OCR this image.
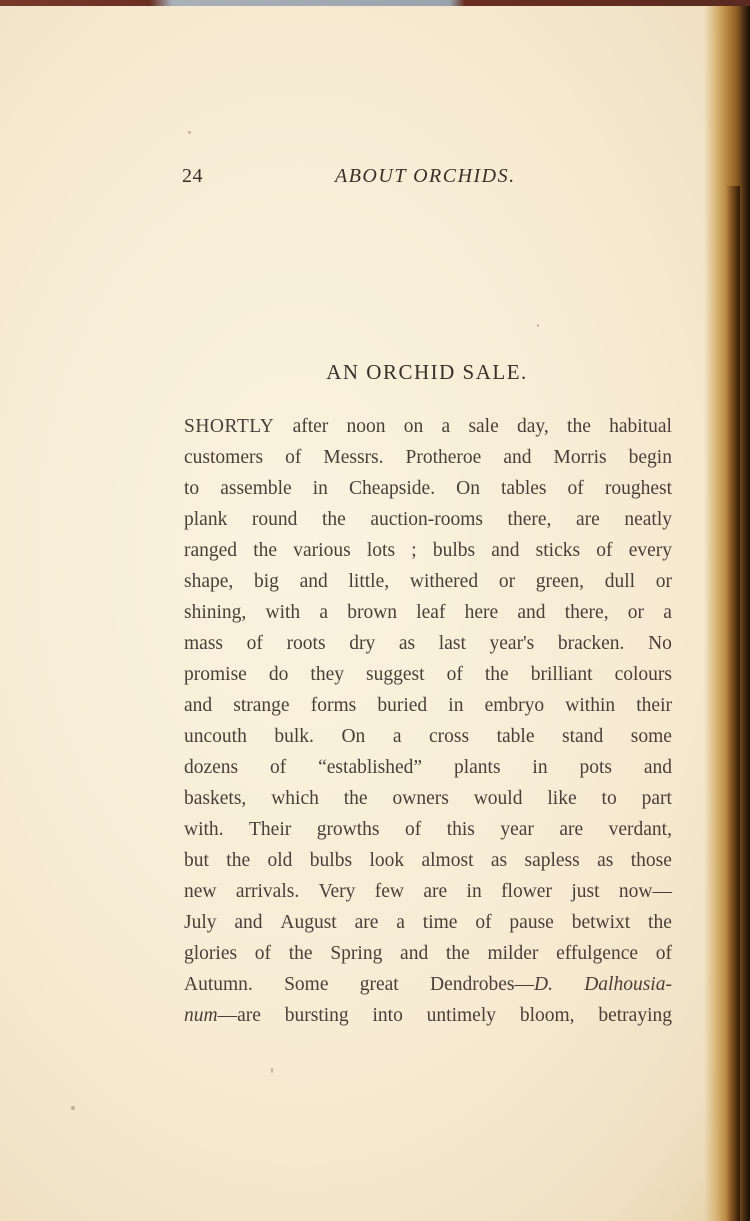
24	ABOUT ORCHIDS.
AN ORCHID SALE.
SHORTLY after noon on a sale day, the habitual
customers of Messrs. Protheroe and Morris begin
to assemble in Cheapside. On tables of roughest
plank round the auction-rooms there, are neatly
ranged the various lots ; bulbs and sticks of every
shape, big and little, withered or green, dull or
shining, with a brown leaf here and there, or a
mass of roots dry as last year's bracken. No
promise do they suggest of the brilliant colours
and strange forms buried in embryo within their
uncouth bulk. On a cross table stand some
dozens of “established” plants in pots and
baskets, which the owners would like to part
with. Their growths of this year are verdant,
but the old bulbs look almost as sapless as those
new arrivals. Very few are in flower just now—
July and August are a time of pause betwixt the
glories of the Spring and the milder effulgence of
Autumn. Some great Dendrobes—D. Dalhousia-
num—are bursting into untimely bloom, betraying
